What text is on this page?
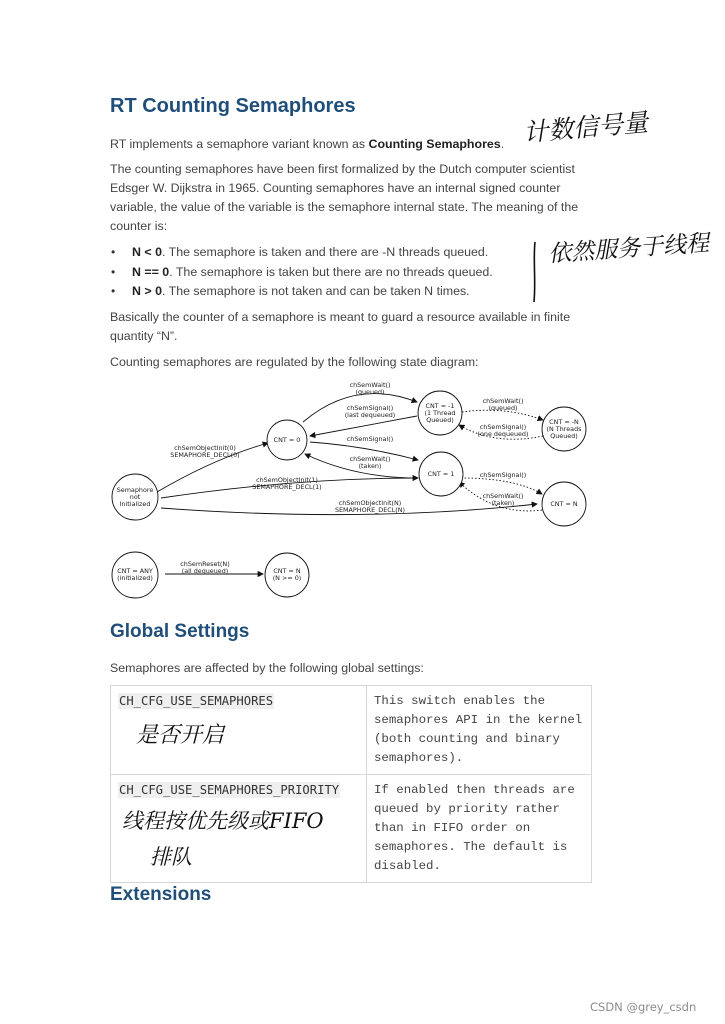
RT Counting Semaphores

RT implements a semaphore variant known as Counting Semaphores.

The counting semaphores have been first formalized by the Dutch computer scientist Edsger W. Dijkstra in 1965. Counting semaphores have an internal signed counter variable, the value of the variable is the semaphore internal state. The meaning of the counter is:

• N < 0. The semaphore is taken and there are -N threads queued.
• N == 0. The semaphore is taken but there are no threads queued.
• N > 0. The semaphore is not taken and can be taken N times.

Basically the counter of a semaphore is meant to guard a resource available in finite quantity “N”.

Counting semaphores are regulated by the following state diagram:

计数信号量
依然服务于线程
Semaphore
not
Initialized
CNT = 0
CNT = -1
(1 Thread
Queued)	CNT = -N
(N Threads
Queued)
CNT = 1
CNT = N
CNT = ANY
(initialized)
CNT = N
(N >= 0)
chSemWait()
(queued)
chSemSignal()
(last dequeued)
chSemWait()
(queued)
chSemSignal()
(one dequeued)
chSemObjectInit(0)
SEMAPHORE_DECL(0)
chSemSignal()
chSemWait()
(taken)
chSemObjectInit(1)
SEMAPHORE_DECL(1)
chSemSignal()
chSemWait()
(taken)
chSemObjectInit(N)
SEMAPHORE_DECL(N)
chSemReset(N)
(all dequeued)
Global Settings

Semaphores are affected by the following global settings:

CH_CFG_USE_SEMAPHORES
是否开启	This switch enables the semaphores API in the kernel (both counting and binary semaphores).

CH_CFG_USE_SEMAPHORES_PRIORITY
线程按优先级或FIFO
排队	If enabled then threads are queued by priority rather than in FIFO order on semaphores. The default is disabled.
Extensions
CSDN @grey_csdn
